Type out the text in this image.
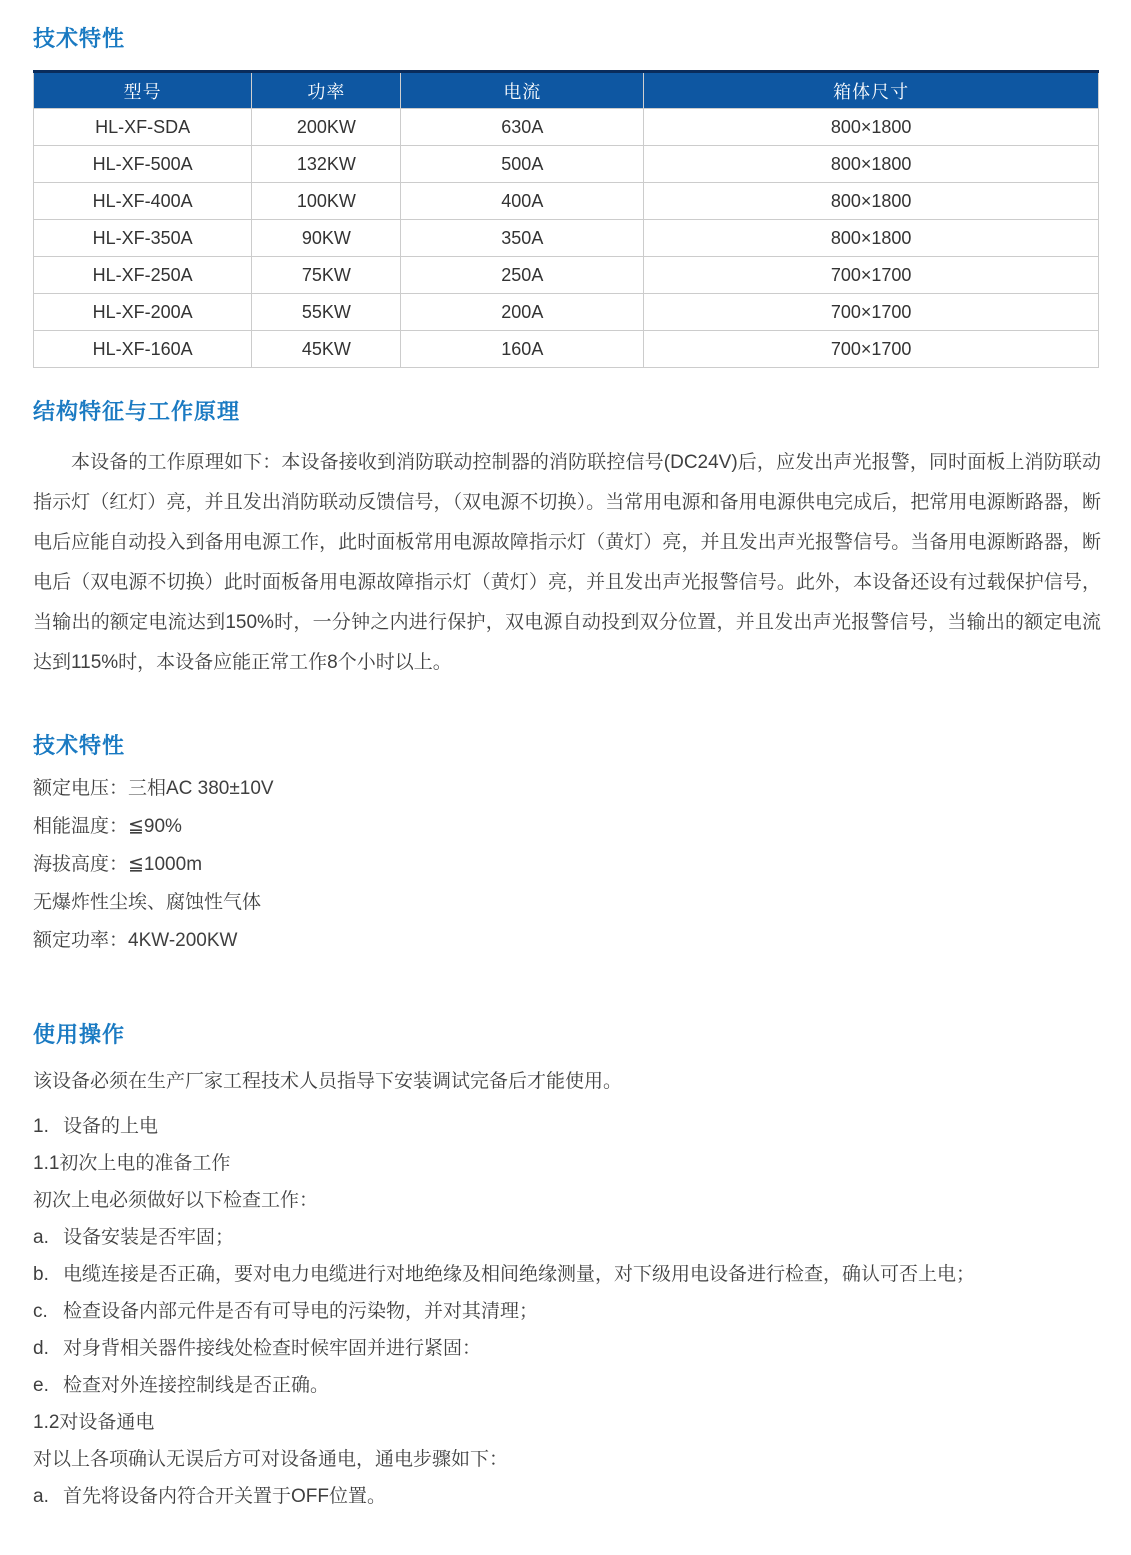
技术特性
型号	功率	电流	箱体尺寸
HL-XF-SDA	200KW	630A	800×1800
HL-XF-500A	132KW	500A	800×1800
HL-XF-400A	100KW	400A	800×1800
HL-XF-350A	90KW	350A	800×1800
HL-XF-250A	75KW	250A	700×1700
HL-XF-200A	55KW	200A	700×1700
HL-XF-160A	45KW	160A	700×1700
结构特征与工作原理

本设备的工作原理如下：本设备接收到消防联动控制器的消防联控信号(DC24V)后，应发出声光报警，同时面板上消防联动指示灯（红灯）亮，并且发出消防联动反馈信号，（双电源不切换）。当常用电源和备用电源供电完成后，把常用电源断路器，断电后应能自动投入到备用电源工作，此时面板常用电源故障指示灯（黄灯）亮，并且发出声光报警信号。当备用电源断路器，断电后（双电源不切换）此时面板备用电源故障指示灯（黄灯）亮，并且发出声光报警信号。此外，本设备还设有过载保护信号，当输出的额定电流达到150%时，一分钟之内进行保护，双电源自动投到双分位置，并且发出声光报警信号，当输出的额定电流达到115%时，本设备应能正常工作8个小时以上。

技术特性
额定电压：三相AC 380±10V
相能温度：≦90%
海拔高度：≦1000m
无爆炸性尘埃、腐蚀性气体
额定功率：4KW-200KW
使用操作
该设备必须在生产厂家工程技术人员指导下安装调试完备后才能使用。
1. 设备的上电
1.1初次上电的准备工作
初次上电必须做好以下检查工作：
a. 设备安装是否牢固；
b. 电缆连接是否正确，要对电力电缆进行对地绝缘及相间绝缘测量，对下级用电设备进行检查，确认可否上电；
c. 检查设备内部元件是否有可导电的污染物，并对其清理；
d. 对身背相关器件接线处检查时候牢固并进行紧固：
e. 检查对外连接控制线是否正确。
1.2对设备通电
对以上各项确认无误后方可对设备通电，通电步骤如下：
a. 首先将设备内符合开关置于OFF位置。
